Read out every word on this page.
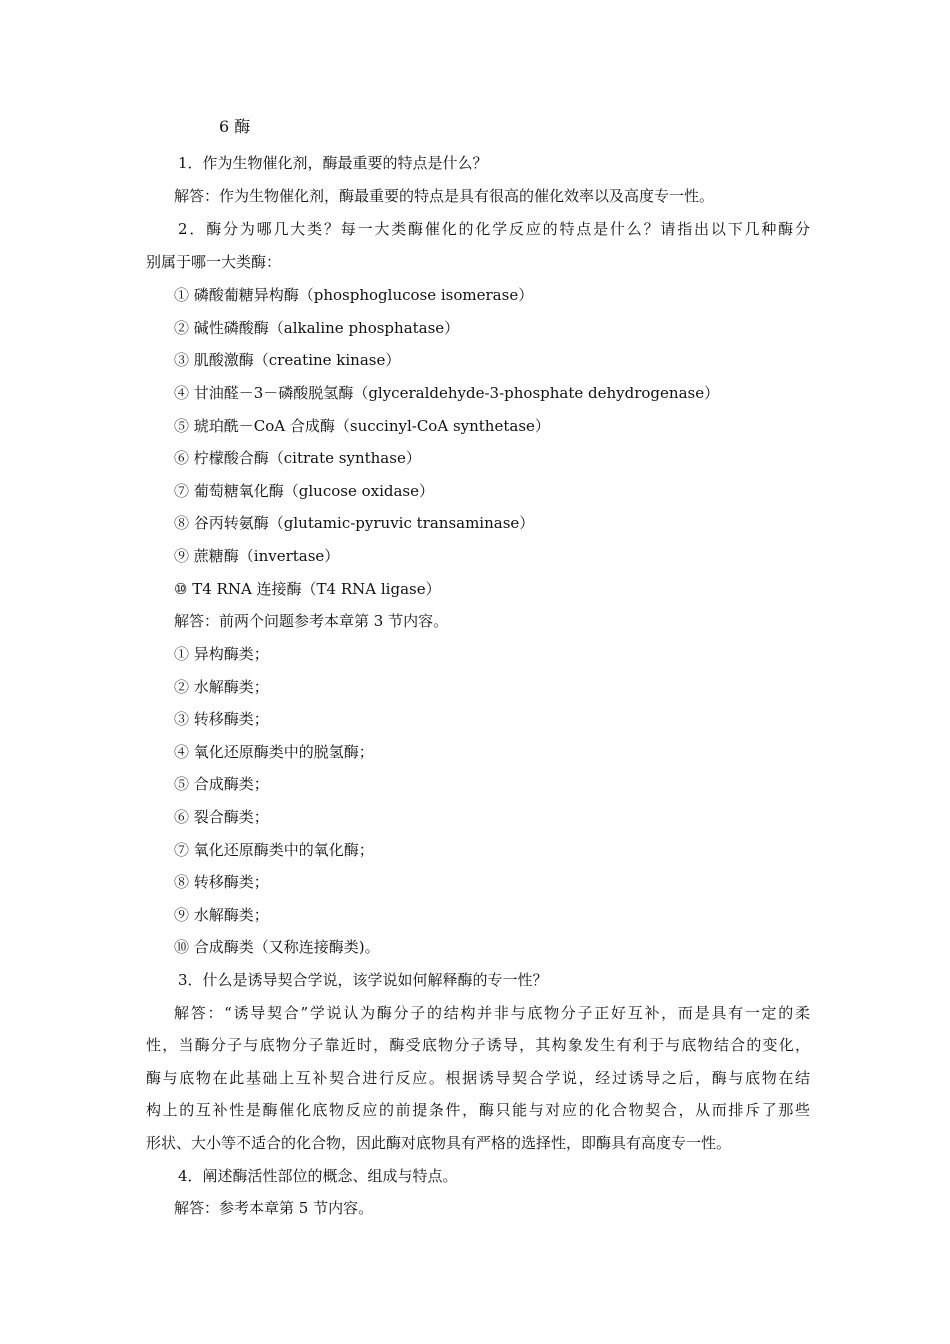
6 酶
1．作为生物催化剂，酶最重要的特点是什么？
解答：作为生物催化剂，酶最重要的特点是具有很高的催化效率以及高度专一性。
2．酶分为哪几大类？每一大类酶催化的化学反应的特点是什么？请指出以下几种酶分
别属于哪一大类酶：
① 磷酸葡糖异构酶（phosphoglucose isomerase）
② 碱性磷酸酶（alkaline phosphatase）
③ 肌酸激酶（creatine kinase）
④ 甘油醛－3－磷酸脱氢酶（glyceraldehyde-3-phosphate dehydrogenase）
⑤ 琥珀酰－CoA 合成酶（succinyl-CoA synthetase）
⑥ 柠檬酸合酶（citrate synthase）
⑦ 葡萄糖氧化酶（glucose oxidase）
⑧ 谷丙转氨酶（glutamic-pyruvic transaminase）
⑨ 蔗糖酶（invertase）
⑩ T4 RNA 连接酶（T4 RNA ligase）
解答：前两个问题参考本章第 3 节内容。
① 异构酶类；
② 水解酶类；
③ 转移酶类；
④ 氧化还原酶类中的脱氢酶；
⑤ 合成酶类；
⑥ 裂合酶类；
⑦ 氧化还原酶类中的氧化酶；
⑧ 转移酶类；
⑨ 水解酶类；
⑩ 合成酶类（又称连接酶类)。
3．什么是诱导契合学说，该学说如何解释酶的专一性？
解答：“诱导契合”学说认为酶分子的结构并非与底物分子正好互补，而是具有一定的柔
性，当酶分子与底物分子靠近时，酶受底物分子诱导，其构象发生有利于与底物结合的变化，
酶与底物在此基础上互补契合进行反应。根据诱导契合学说，经过诱导之后，酶与底物在结
构上的互补性是酶催化底物反应的前提条件，酶只能与对应的化合物契合，从而排斥了那些
形状、大小等不适合的化合物，因此酶对底物具有严格的选择性，即酶具有高度专一性。
4．阐述酶活性部位的概念、组成与特点。
解答：参考本章第 5 节内容。
